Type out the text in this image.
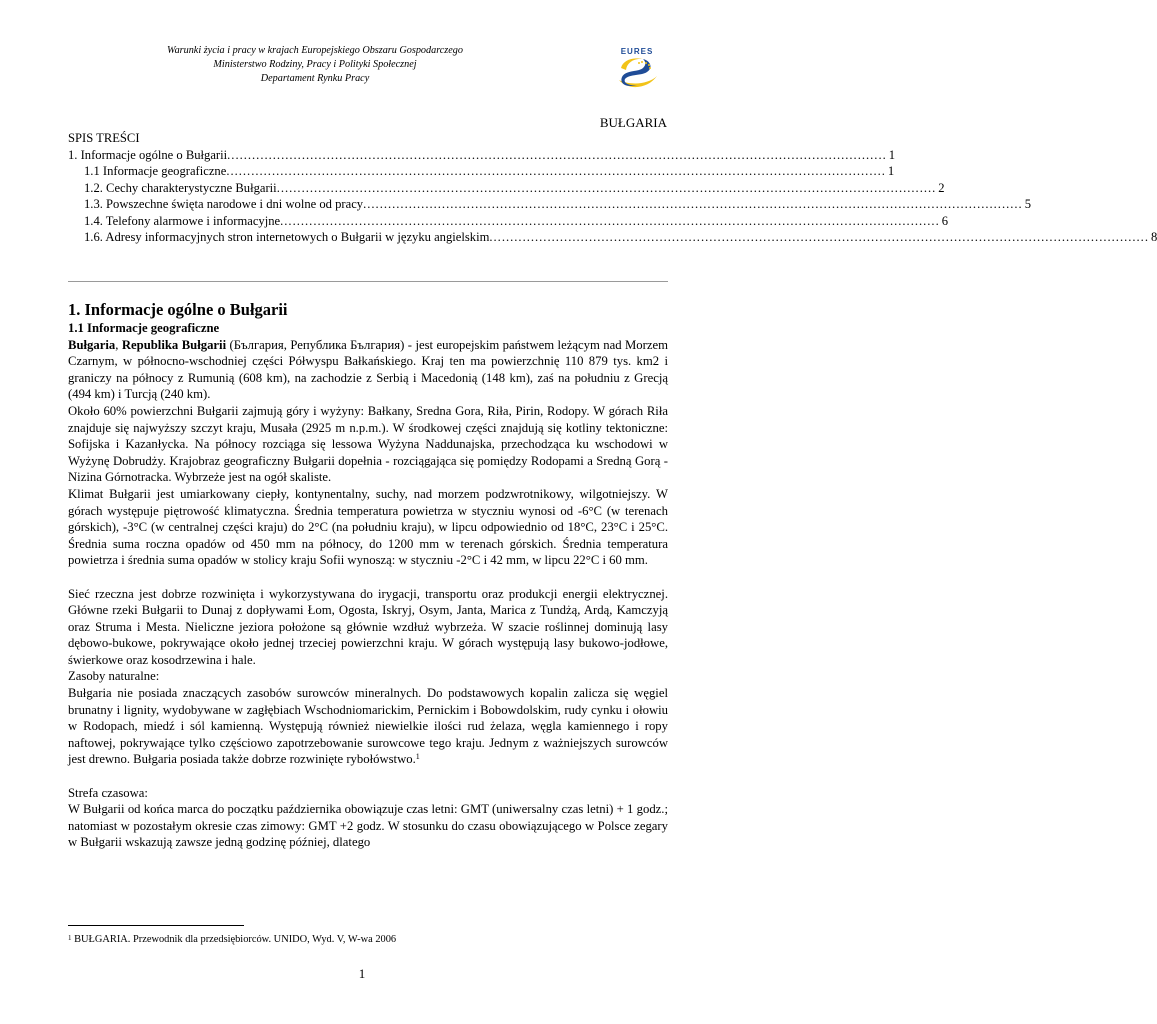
Warunki życia i pracy w krajach Europejskiego Obszaru Gospodarczego
Ministerstwo Rodziny, Pracy i Polityki Społecznej
Departament Rynku Pracy
EURES
BUŁGARIA
SPIS TREŚCI
1. Informacje ogólne o Bułgarii ............................................................................................................................................................... 1
1.1 Informacje geograficzne ............................................................................................................................................................... 1
1.2. Cechy charakterystyczne Bułgarii ............................................................................................................................................................... 2
1.3. Powszechne święta narodowe i dni wolne od pracy ............................................................................................................................................................... 5
1.4. Telefony alarmowe i informacyjne ............................................................................................................................................................... 6
1.6. Adresy informacyjnych stron internetowych o Bułgarii w języku angielskim ............................................................................................................................................................... 8
1. Informacje ogólne o Bułgarii
1.1 Informacje geograficzne

Bułgaria, Republika Bułgarii (България, Република България) - jest europejskim państwem leżącym nad Morzem Czarnym, w północno-wschodniej części Półwyspu Bałkańskiego. Kraj ten ma powierzchnię 110 879 tys. km2 i graniczy na północy z Rumunią (608 km), na zachodzie z Serbią i Macedonią (148 km), zaś na południu z Grecją (494 km) i Turcją (240 km).

Około 60% powierzchni Bułgarii zajmują góry i wyżyny: Bałkany, Sredna Gora, Riła, Pirin, Rodopy. W górach Riła znajduje się najwyższy szczyt kraju, Musała (2925 m n.p.m.). W środkowej części znajdują się kotliny tektoniczne: Sofijska i Kazanłycka. Na północy rozciąga się lessowa Wyżyna Naddunajska, przechodząca ku wschodowi w Wyżynę Dobrudży. Krajobraz geograficzny Bułgarii dopełnia - rozciągająca się pomiędzy Rodopami a Sredną Gorą - Nizina Górnotracka. Wybrzeże jest na ogół skaliste.

Klimat Bułgarii jest umiarkowany ciepły, kontynentalny, suchy, nad morzem podzwrotnikowy, wilgotniejszy. W górach występuje piętrowość klimatyczna. Średnia temperatura powietrza w styczniu wynosi od -6°C (w terenach górskich), -3°C (w centralnej części kraju) do 2°C (na południu kraju), w lipcu odpowiednio od 18°C, 23°C i 25°C. Średnia suma roczna opadów od 450 mm na północy, do 1200 mm w terenach górskich. Średnia temperatura powietrza i średnia suma opadów w stolicy kraju Sofii wynoszą: w styczniu -2°C i 42 mm, w lipcu 22°C i 60 mm.

Sieć rzeczna jest dobrze rozwinięta i wykorzystywana do irygacji, transportu oraz produkcji energii elektrycznej. Główne rzeki Bułgarii to Dunaj z dopływami Łom, Ogosta, Iskryj, Osym, Janta, Marica z Tundżą, Ardą, Kamczyją oraz Struma i Mesta. Nieliczne jeziora położone są głównie wzdłuż wybrzeża. W szacie roślinnej dominują lasy dębowo-bukowe, pokrywające około jednej trzeciej powierzchni kraju. W górach występują lasy bukowo-jodłowe, świerkowe oraz kosodrzewina i hale.

Zasoby naturalne:

Bułgaria nie posiada znaczących zasobów surowców mineralnych. Do podstawowych kopalin zalicza się węgiel brunatny i lignity, wydobywane w zagłębiach Wschodniomarickim, Pernickim i Bobowdolskim, rudy cynku i ołowiu w Rodopach, miedź i sól kamienną. Występują również niewielkie ilości rud żelaza, węgla kamiennego i ropy naftowej, pokrywające tylko częściowo zapotrzebowanie surowcowe tego kraju. Jednym z ważniejszych surowców jest drewno. Bułgaria posiada także dobrze rozwinięte rybołówstwo.$^1$

Strefa czasowa:

W Bułgarii od końca marca do początku października obowiązuje czas letni: GMT (uniwersalny czas letni) + 1 godz.; natomiast w pozostałym okresie czas zimowy: GMT +2 godz. W stosunku do czasu obowiązującego w Polsce zegary w Bułgarii wskazują zawsze jedną godzinę później, dlatego

$^1$ BUŁGARIA. Przewodnik dla przedsiębiorców. UNIDO, Wyd. V, W-wa 2006
1
